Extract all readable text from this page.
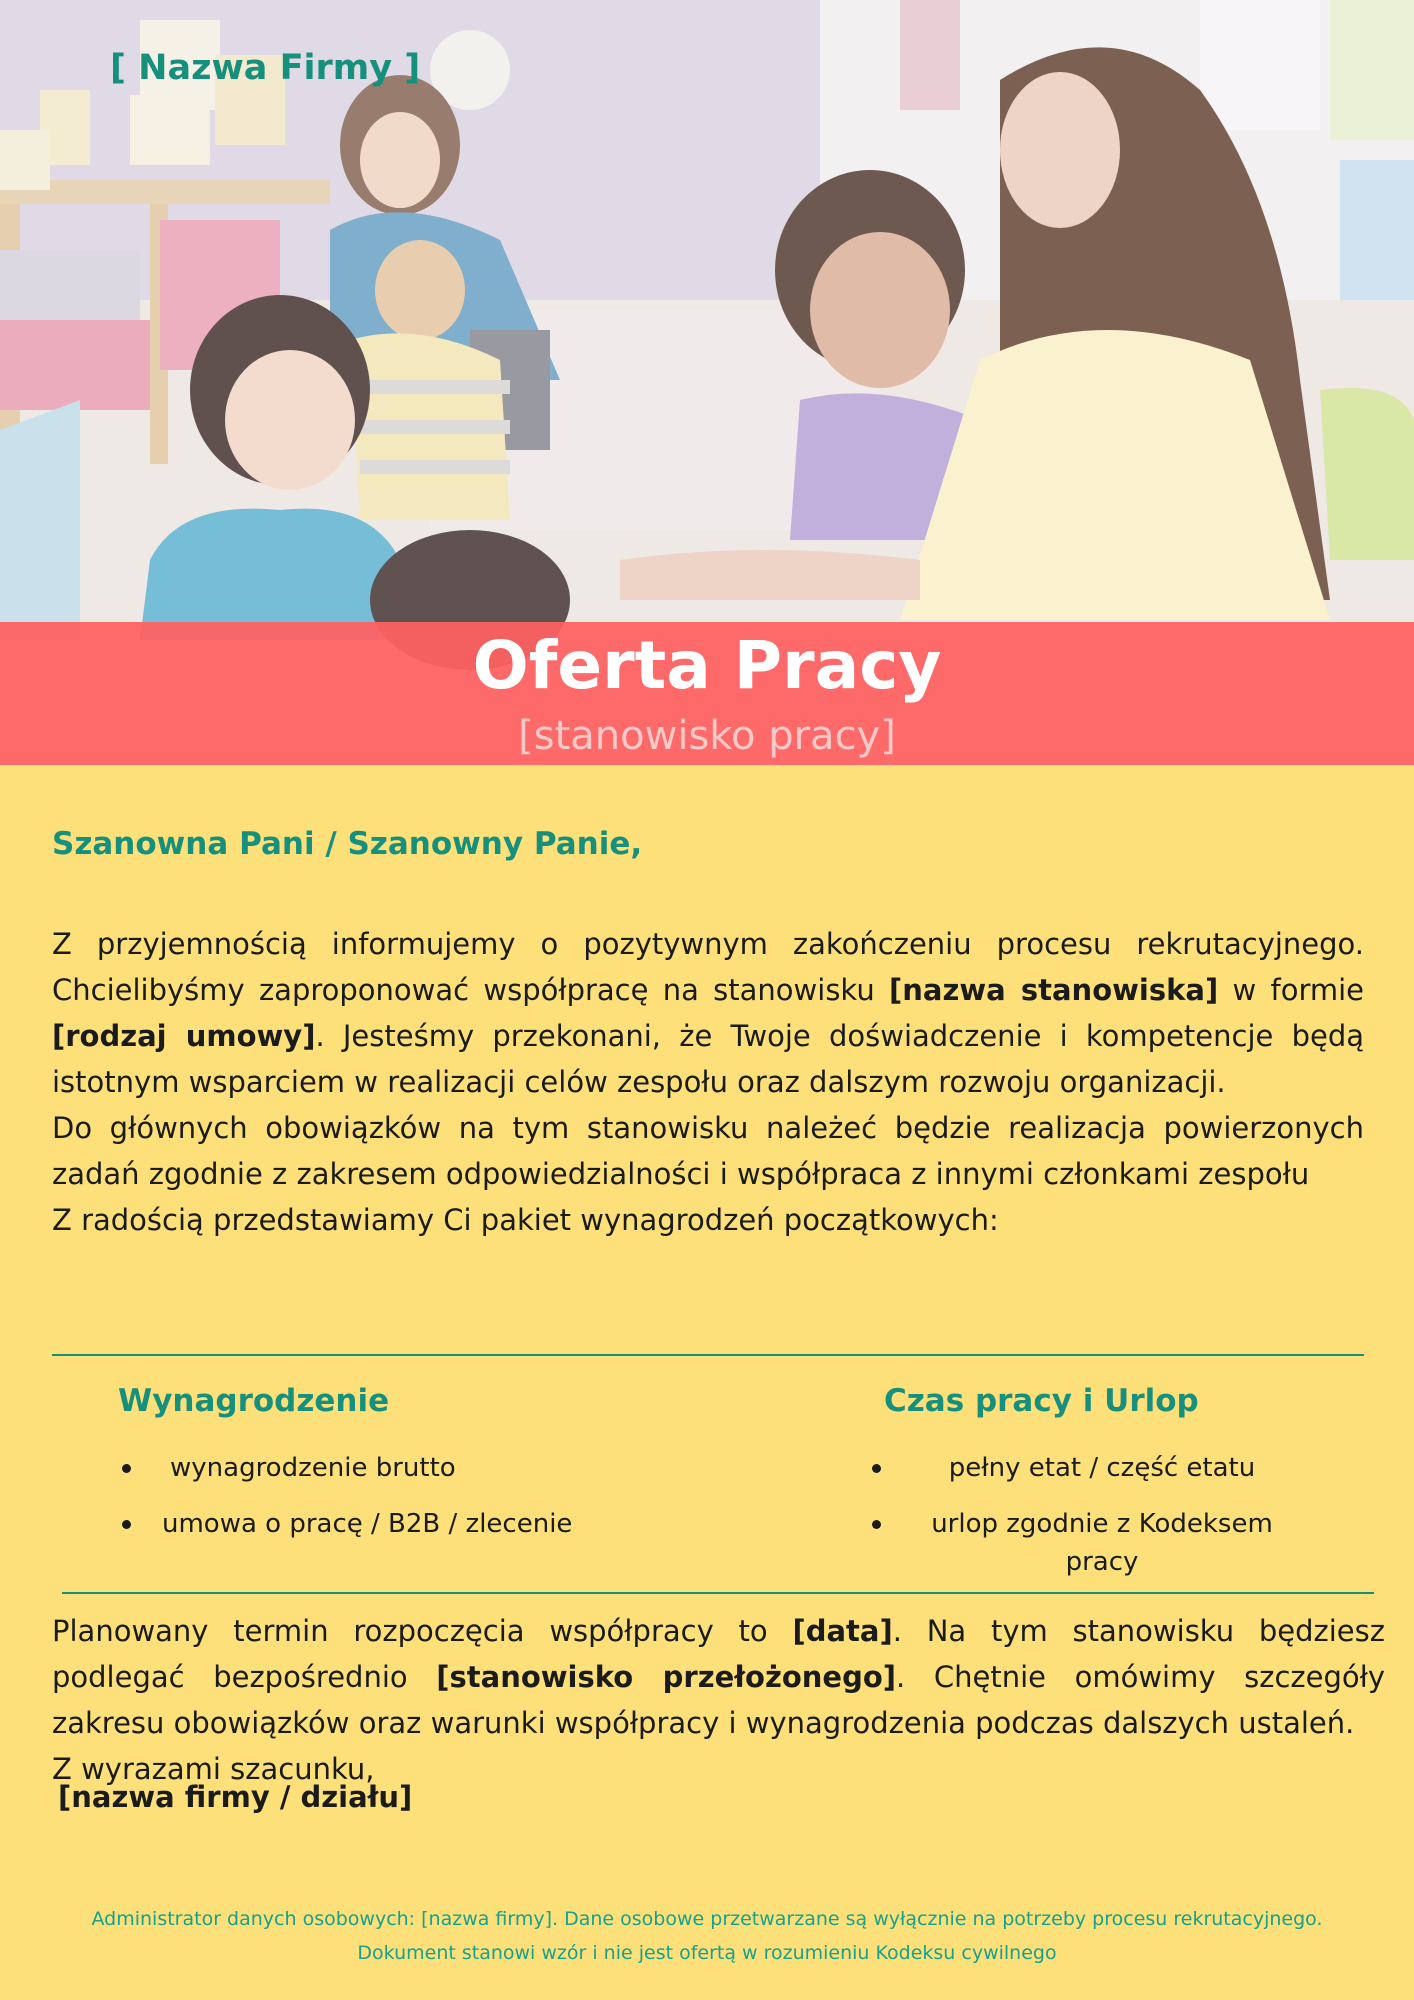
[ Nazwa Firmy ]
Oferta Pracy
[stanowisko pracy]
Szanowna Pani / Szanowny Panie,

Z przyjemnością informujemy o pozytywnym zakończeniu procesu rekrutacyjnego. Chcielibyśmy zaproponować współpracę na stanowisku [nazwa stanowiska] w formie [rodzaj umowy]. Jesteśmy przekonani, że Twoje doświadczenie i kompetencje będą istotnym wsparciem w realizacji celów zespołu oraz dalszym rozwoju organizacji.

Do głównych obowiązków na tym stanowisku należeć będzie realizacja powierzonych zadań zgodnie z zakresem odpowiedzialności i współpraca z innymi członkami zespołu

Z radością przedstawiamy Ci pakiet wynagrodzeń początkowych:

Wynagrodzenie
wynagrodzenie brutto
umowa o pracę / B2B / zlecenie
Czas pracy i Urlop
pełny etat / część etatu
urlop zgodnie z Kodeksem pracy

Planowany termin rozpoczęcia współpracy to [data]. Na tym stanowisku będziesz podlegać bezpośrednio [stanowisko przełożonego]. Chętnie omówimy szczegóły zakresu obowiązków oraz warunki współpracy i wynagrodzenia podczas dalszych ustaleń.

Z wyrazami szacunku,

[nazwa firmy / działu]
Administrator danych osobowych: [nazwa firmy]. Dane osobowe przetwarzane są wyłącznie na potrzeby procesu rekrutacyjnego.
Dokument stanowi wzór i nie jest ofertą w rozumieniu Kodeksu cywilnego
